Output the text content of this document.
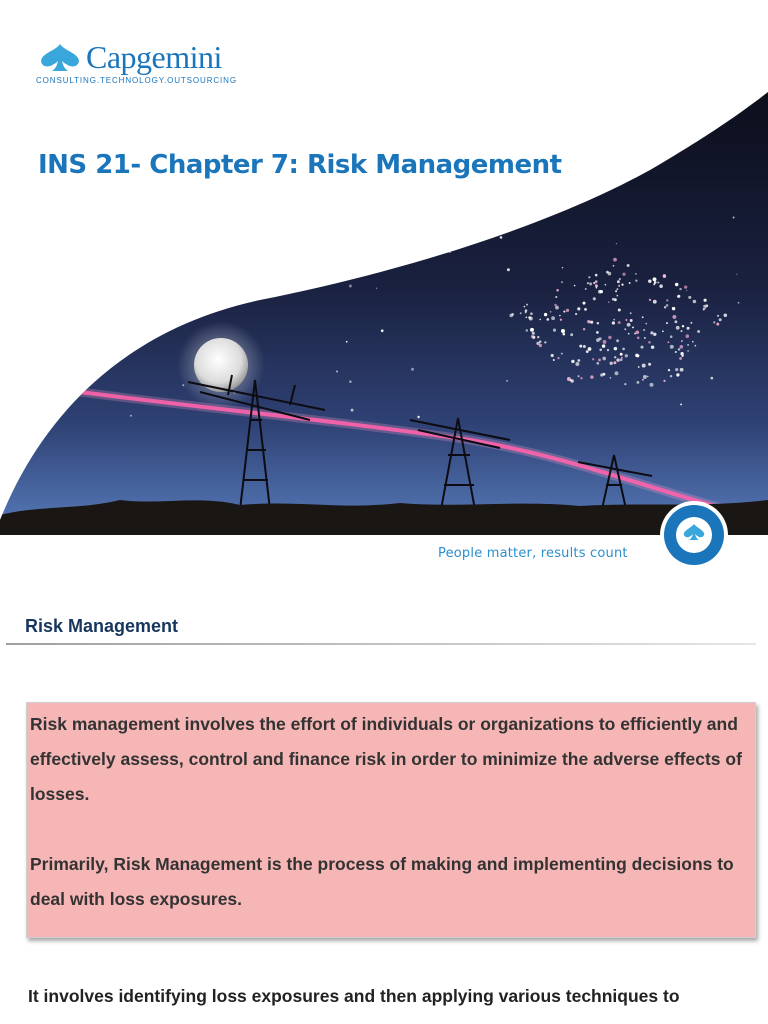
Capgemini
CONSULTING.TECHNOLOGY.OUTSOURCING
INS 21- Chapter 7: Risk Management
People matter, results count
Risk Management

Risk management involves the effort of individuals or organizations to efficiently and effectively assess, control and finance risk in order to minimize the adverse effects of losses.

Primarily, Risk Management is the process of making and implementing decisions to deal with loss exposures.

It involves identifying loss exposures and then applying various techniques to
